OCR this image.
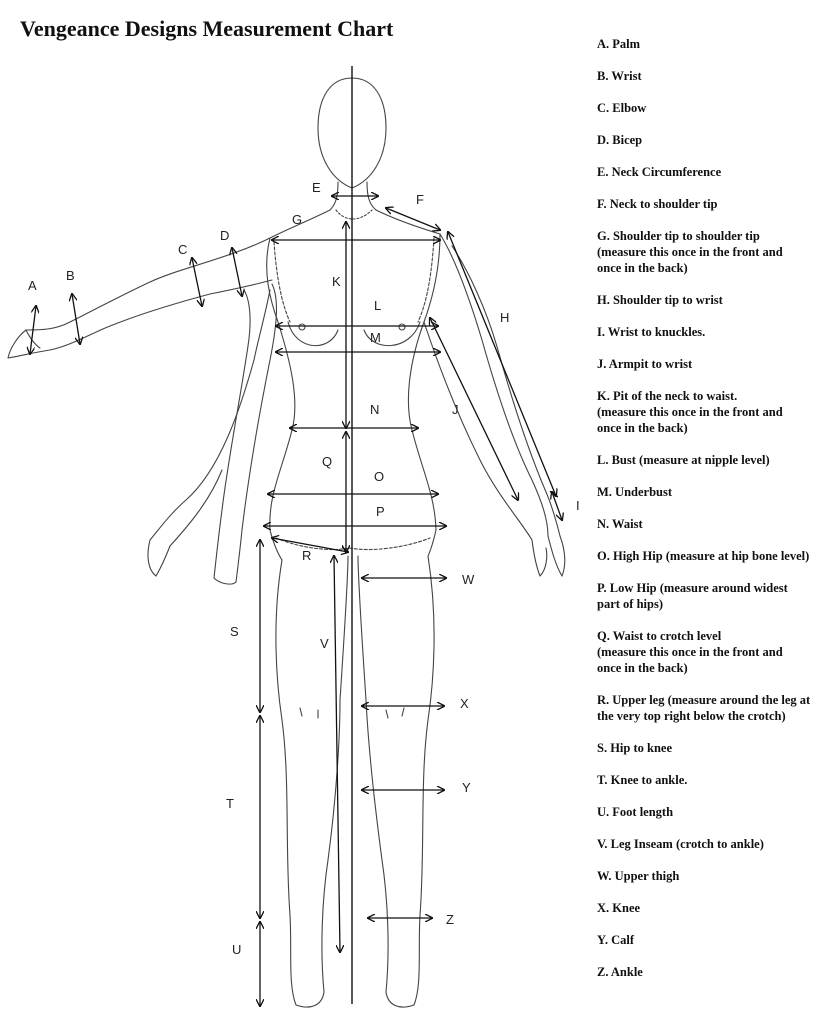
Vengeance Designs Measurement Chart
A
B
C
D
E
F
G
H
I
J
K
L
M
N
O
P
Q
R
S
T
U
V
W
X
Y
Z
A. Palm
B. Wrist
C. Elbow
D. Bicep
E. Neck Circumference
F. Neck to shoulder tip
G. Shoulder tip to shoulder tip
(measure this once in the front and
once in the back)
H. Shoulder tip to wrist
I. Wrist to knuckles.
J. Armpit to wrist
K. Pit of the neck to waist.
(measure this once in the front and
once in the back)
L. Bust (measure at nipple level)
M. Underbust
N. Waist
O. High Hip (measure at hip bone level)
P. Low Hip (measure around widest
part of hips)
Q. Waist to crotch level
(measure this once in the front and
once in the back)
R. Upper leg (measure around the leg at
the very top right below the crotch)
S. Hip to knee
T. Knee to ankle.
U. Foot length
V. Leg Inseam (crotch to ankle)
W. Upper thigh
X. Knee
Y. Calf
Z. Ankle
